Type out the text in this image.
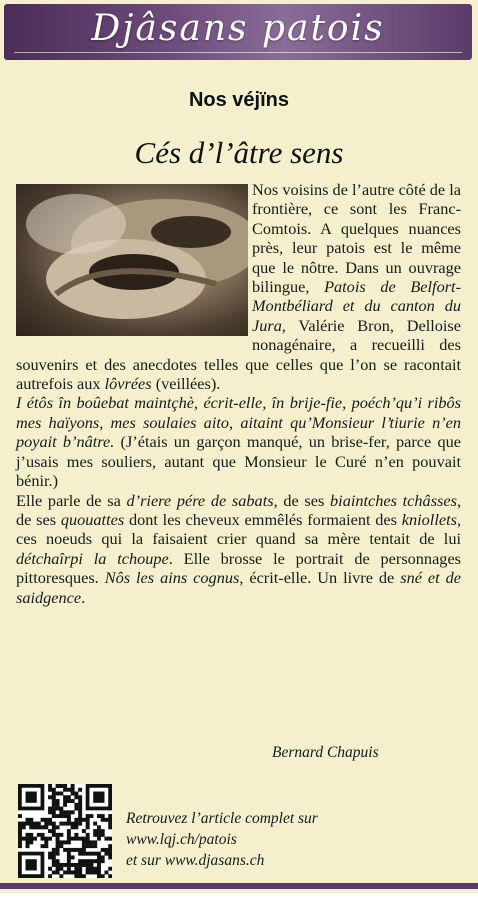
Djâsans patois
Nos véjïns
Cés d’l’âtre sens

Nos voisins de l’autre côté de la frontière, ce sont les Franc-Comtois. A quelques nuances près, leur patois est le même que le nôtre. Dans un ouvrage bilingue, Patois de Belfort-Montbéliard et du canton du Jura, Valérie Bron, Delloise nonagénaire, a recueilli des souvenirs et des anecdotes telles que celles que l’on se racontait autrefois aux lôvrées (veillées).

I étôs în boûebat maintçhè, écrit-elle, în brije-fie, poéch’qu’i ribôs mes haïyons, mes soulaies aito, aitaint qu’Monsieur l’tiurie n’en poyait b’nâtre. (J’étais un garçon manqué, un brise-fer, parce que j’usais mes souliers, autant que Monsieur le Curé n’en pouvait bénir.)

Elle parle de sa d’riere pére de sabats, de ses biaintches tchâsses, de ses quouattes dont les cheveux emmêlés formaient des kniollets, ces noeuds qui la faisaient crier quand sa mère tentait de lui détchaîrpi la tchoupe. Elle brosse le portrait de personnages pittoresques. Nôs les ains cognus, écrit-elle. Un livre de sné et de saidgence.

Bernard Chapuis
Retrouvez l’article complet sur
www.lqj.ch/patois
et sur www.djasans.ch
